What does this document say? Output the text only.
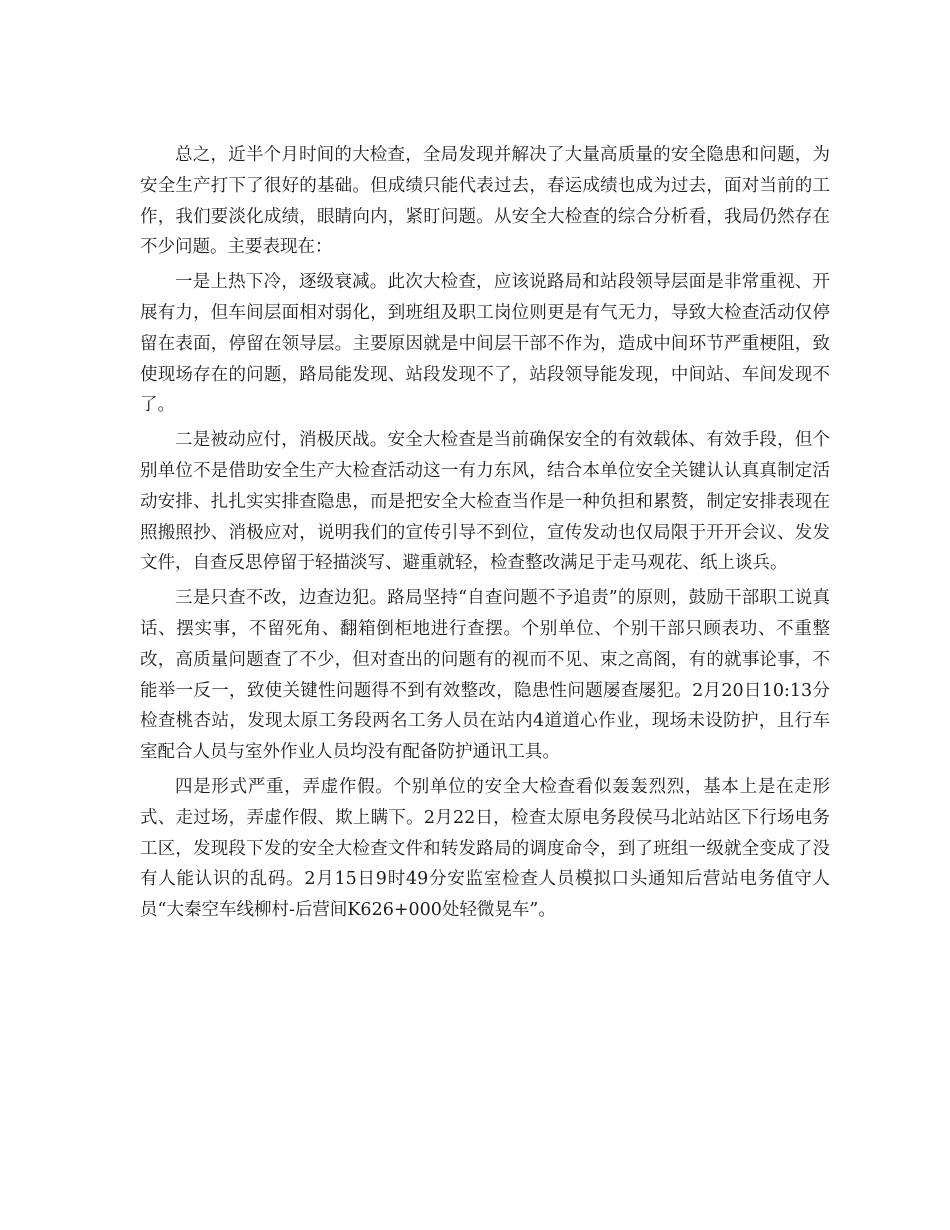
总之，近半个月时间的大检查，全局发现并解决了大量高质量的安全隐患和问题，为安全生产打下了很好的基础。但成绩只能代表过去，春运成绩也成为过去，面对当前的工作，我们要淡化成绩，眼睛向内，紧盯问题。从安全大检查的综合分析看，我局仍然存在不少问题。主要表现在：

一是上热下冷，逐级衰减。此次大检查，应该说路局和站段领导层面是非常重视、开展有力，但车间层面相对弱化，到班组及职工岗位则更是有气无力，导致大检查活动仅停留在表面，停留在领导层。主要原因就是中间层干部不作为，造成中间环节严重梗阻，致使现场存在的问题，路局能发现、站段发现不了，站段领导能发现，中间站、车间发现不了。

二是被动应付，消极厌战。安全大检查是当前确保安全的有效载体、有效手段，但个别单位不是借助安全生产大检查活动这一有力东风，结合本单位安全关键认认真真制定活动安排、扎扎实实排查隐患，而是把安全大检查当作是一种负担和累赘，制定安排表现在照搬照抄、消极应对，说明我们的宣传引导不到位，宣传发动也仅局限于开开会议、发发文件，自查反思停留于轻描淡写、避重就轻，检查整改满足于走马观花、纸上谈兵。

三是只查不改，边查边犯。路局坚持“自查问题不予追责”的原则，鼓励干部职工说真话、摆实事，不留死角、翻箱倒柜地进行查摆。个别单位、个别干部只顾表功、不重整改，高质量问题查了不少，但对查出的问题有的视而不见、束之高阁，有的就事论事，不能举一反一，致使关键性问题得不到有效整改，隐患性问题屡查屡犯。2月20日10:13分检查桃杏站，发现太原工务段两名工务人员在站内4道道心作业，现场未设防护，且行车室配合人员与室外作业人员均没有配备防护通讯工具。

四是形式严重，弄虚作假。个别单位的安全大检查看似轰轰烈烈，基本上是在走形式、走过场，弄虚作假、欺上瞒下。2月22日，检查太原电务段侯马北站站区下行场电务工区，发现段下发的安全大检查文件和转发路局的调度命令，到了班组一级就全变成了没有人能认识的乱码。2月15日9时49分安监室检查人员模拟口头通知后营站电务值守人员“大秦空车线柳村-后营间K626+000处轻微晃车”。
